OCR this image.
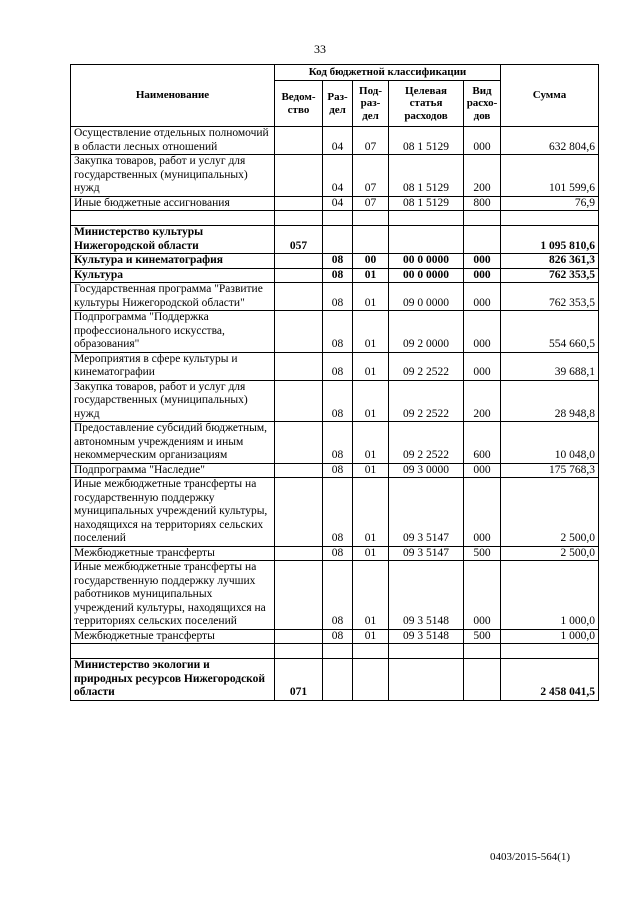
33
Наименование	Код бюджетной классификации					Сумма
	Ведом-ство	Раз-дел	Под-раз-дел	Целевая статья расходов	Вид расхо-дов	
Осуществление отдельных полномочий в области лесных отношений		04	07	08 1 5129	000	632 804,6
Закупка товаров, работ и услуг для государственных (муниципальных) нужд		04	07	08 1 5129	200	101 599,6
Иные бюджетные ассигнования		04	07	08 1 5129	800	76,9

Министерство культуры Нижегородской области	057					1 095 810,6
Культура и кинематография		08	00	00 0 0000	000	826 361,3
Культура		08	01	00 0 0000	000	762 353,5
Государственная программа "Развитие культуры Нижегородской области"		08	01	09 0 0000	000	762 353,5
Подпрограмма "Поддержка профессионального искусства, образования"		08	01	09 2 0000	000	554 660,5
Мероприятия в сфере культуры и кинематографии		08	01	09 2 2522	000	39 688,1
Закупка товаров, работ и услуг для государственных (муниципальных) нужд		08	01	09 2 2522	200	28 948,8
Предоставление субсидий бюджетным, автономным учреждениям и иным некоммерческим организациям		08	01	09 2 2522	600	10 048,0
Подпрограмма "Наследие"		08	01	09 3 0000	000	175 768,3
Иные межбюджетные трансферты на государственную поддержку муниципальных учреждений культуры, находящихся на территориях сельских поселений		08	01	09 3 5147	000	2 500,0
Межбюджетные трансферты		08	01	09 3 5147	500	2 500,0
Иные межбюджетные трансферты на государственную поддержку лучших работников муниципальных учреждений культуры, находящихся на территориях сельских поселений		08	01	09 3 5148	000	1 000,0
Межбюджетные трансферты		08	01	09 3 5148	500	1 000,0

Министерство экологии и природных ресурсов Нижегородской области	071					2 458 041,5
0403/2015-564(1)
